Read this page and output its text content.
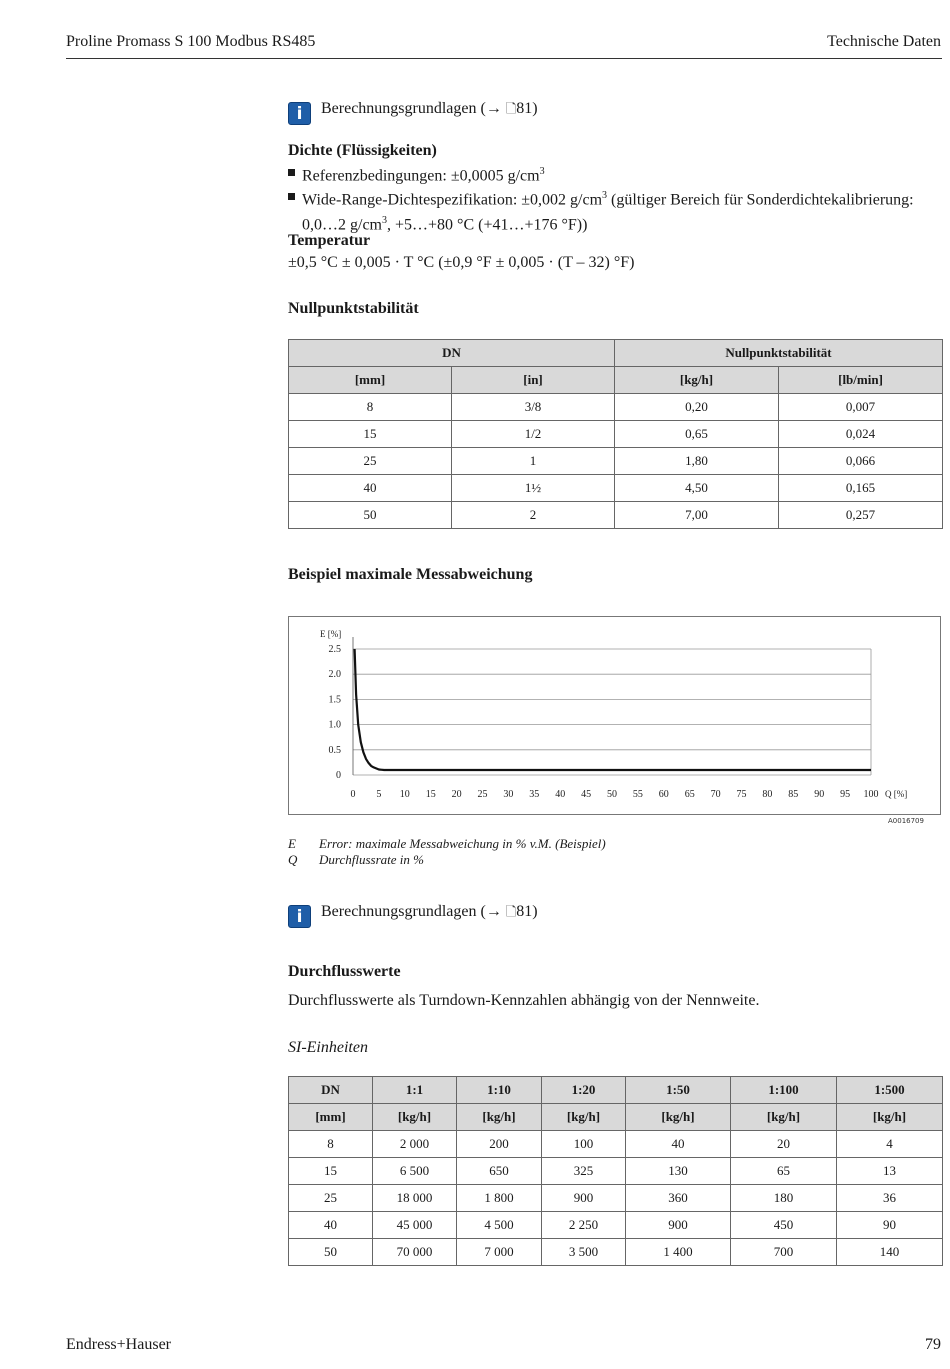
Proline Promass S 100 Modbus RS485	Technische Daten
i	Berechnungsgrundlagen (→ 🗋81)
Dichte (Flüssigkeiten)
Referenzbedingungen: ±0,0005 $g/cm^3$
Wide-Range-Dichtespezifikation: ±0,002 $g/cm^3$ (gültiger Bereich für Sonderdichtekalibrierung:
0,0…2 $g/cm^3$, +5…+80 °C (+41…+176 °F))
Temperatur
±0,5 °C ± 0,005 · T °C (±0,9 °F ± 0,005 · (T – 32) °F)
Nullpunktstabilität
DN		Nullpunktstabilität	
[mm]	[in]	[kg/h]	[lb/min]
8	3/8	0,20	0,007
15	1/2	0,65	0,024
25	1	1,80	0,066
40	1½	4,50	0,165
50	2	7,00	0,257
Beispiel maximale Messabweichung
0
0.5
1.0
1.5
2.0
2.5
0 5 10 15 20 25 30 35 40 45 50 55 60 65 70 75 80 85 90 95 100
E [%]
Q [%]
A0016709
E Error: maximale Messabweichung in % v.M. (Beispiel)
Q Durchflussrate in %
i	Berechnungsgrundlagen (→ 🗋81)
Durchflusswerte
Durchflusswerte als Turndown-Kennzahlen abhängig von der Nennweite.
SI-Einheiten
DN	1:1	1:10	1:20	1:50	1:100	1:500
[mm]	[kg/h]	[kg/h]	[kg/h]	[kg/h]	[kg/h]	[kg/h]
8	2 000	200	100	40	20	4
15	6 500	650	325	130	65	13
25	18 000	1 800	900	360	180	36
40	45 000	4 500	2 250	900	450	90
50	70 000	7 000	3 500	1 400	700	140
Endress+Hauser	79
